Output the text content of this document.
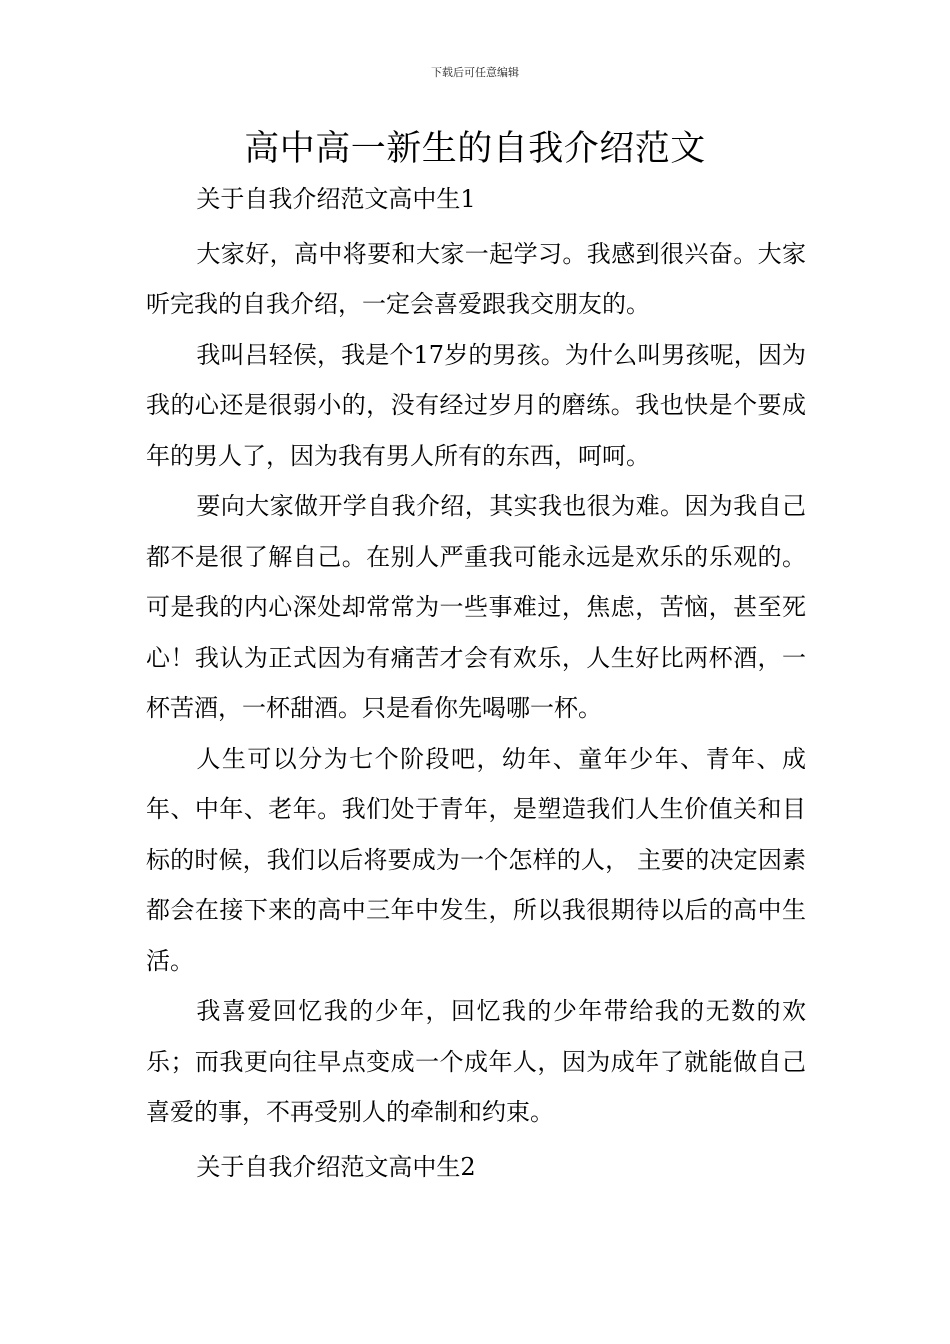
下载后可任意编辑
高中高一新生的自我介绍范文

关于自我介绍范文高中生1

大家好，高中将要和大家一起学习。我感到很兴奋。大家听完我的自我介绍，一定会喜爱跟我交朋友的。

我叫吕轻侯，我是个17岁的男孩。为什么叫男孩呢，因为我的心还是很弱小的，没有经过岁月的磨练。我也快是个要成年的男人了，因为我有男人所有的东西，呵呵。

要向大家做开学自我介绍，其实我也很为难。因为我自己都不是很了解自己。在别人严重我可能永远是欢乐的乐观的。可是我的内心深处却常常为一些事难过，焦虑，苦恼，甚至死心！我认为正式因为有痛苦才会有欢乐，人生好比两杯酒，一杯苦酒，一杯甜酒。只是看你先喝哪一杯。

人生可以分为七个阶段吧，幼年、童年少年、青年、成年、中年、老年。我们处于青年，是塑造我们人生价值关和目标的时候，我们以后将要成为一个怎样的人， 主要的决定因素都会在接下来的高中三年中发生，所以我很期待以后的高中生活。

我喜爱回忆我的少年，回忆我的少年带给我的无数的欢乐；而我更向往早点变成一个成年人，因为成年了就能做自己喜爱的事，不再受别人的牵制和约束。

关于自我介绍范文高中生2
